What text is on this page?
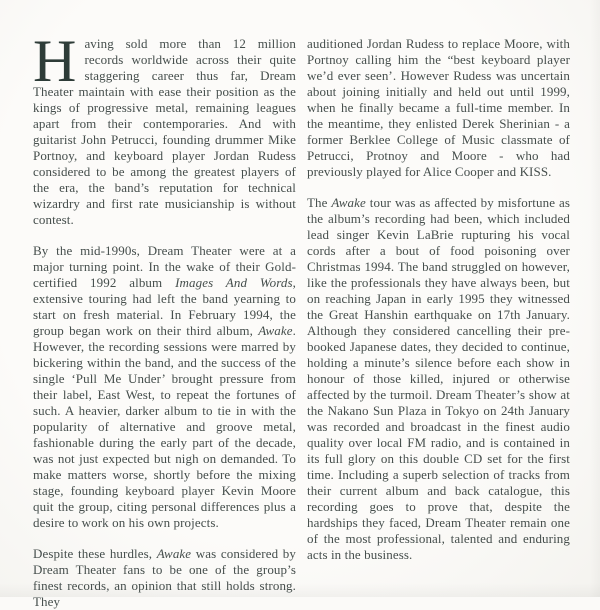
Having sold more than 12 million records worldwide across their quite staggering career thus far, Dream Theater maintain with ease their position as the kings of progressive metal, remaining leagues apart from their contemporaries. And with guitarist John Petrucci, founding drummer Mike Portnoy, and keyboard player Jordan Rudess considered to be among the greatest players of the era, the band’s reputation for technical wizardry and first rate musicianship is without contest.

By the mid-1990s, Dream Theater were at a major turning point. In the wake of their Gold-certified 1992 album Images And Words, extensive touring had left the band yearning to start on fresh material. In February 1994, the group began work on their third album, Awake. However, the recording sessions were marred by bickering within the band, and the success of the single ‘Pull Me Under’ brought pressure from their label, East West, to repeat the fortunes of such. A heavier, darker album to tie in with the popularity of alternative and groove metal, fashionable during the early part of the decade, was not just expected but nigh on demanded. To make matters worse, shortly before the mixing stage, founding keyboard player Kevin Moore quit the group, citing personal differences plus a desire to work on his own projects.

Despite these hurdles, Awake was considered by Dream Theater fans to be one of the group’s finest records, an opinion that still holds strong. They

auditioned Jordan Rudess to replace Moore, with Portnoy calling him the “best keyboard player we’d ever seen’. However Rudess was uncertain about joining initially and held out until 1999, when he finally became a full-time member. In the meantime, they enlisted Derek Sherinian - a former Berklee College of Music classmate of Petrucci, Protnoy and Moore - who had previously played for Alice Cooper and KISS.

The Awake tour was as affected by misfortune as the album’s recording had been, which included lead singer Kevin LaBrie rupturing his vocal cords after a bout of food poisoning over Christmas 1994. The band struggled on however, like the professionals they have always been, but on reaching Japan in early 1995 they witnessed the Great Hanshin earthquake on 17th January. Although they considered cancelling their pre-booked Japanese dates, they decided to continue, holding a minute’s silence before each show in honour of those killed, injured or otherwise affected by the turmoil. Dream Theater’s show at the Nakano Sun Plaza in Tokyo on 24th January was recorded and broadcast in the finest audio quality over local FM radio, and is contained in its full glory on this double CD set for the first time. Including a superb selection of tracks from their current album and back catalogue, this recording goes to prove that, despite the hardships they faced, Dream Theater remain one of the most professional, talented and enduring acts in the business.
